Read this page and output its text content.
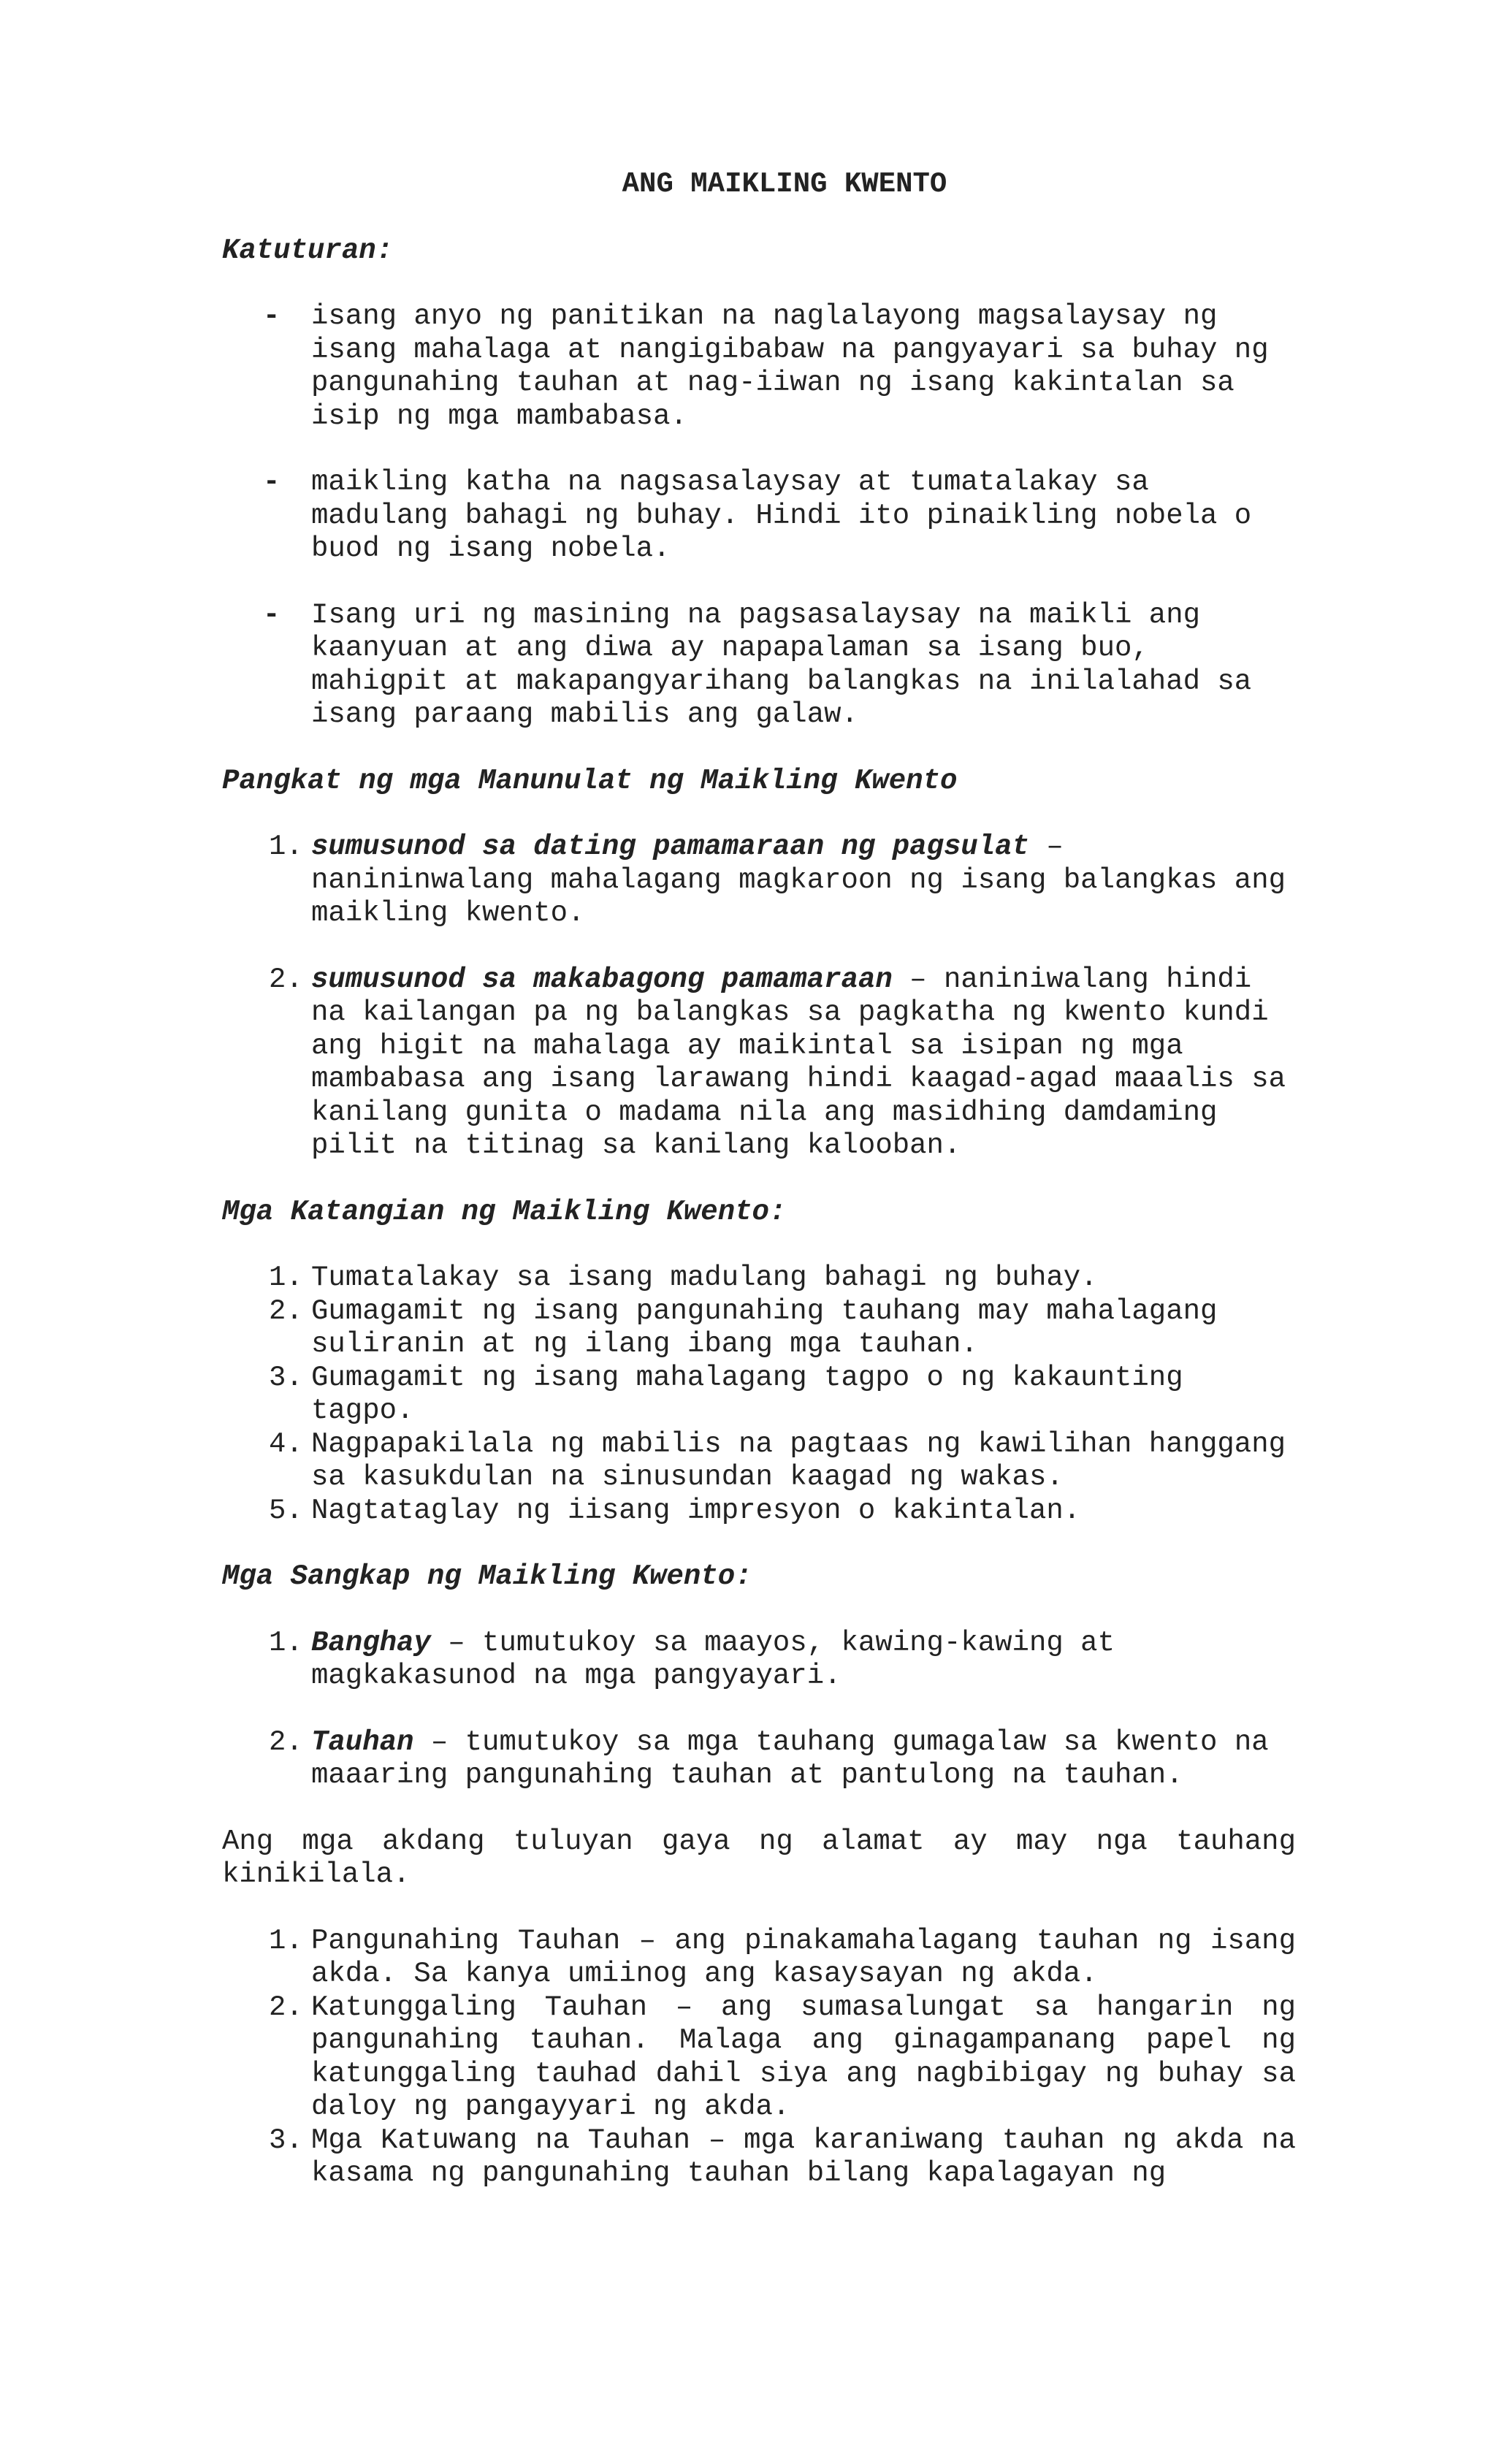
ANG MAIKLING KWENTO
Katuturan:
- isang anyo ng panitikan na naglalayong magsalaysay ng isang mahalaga at nangigibabaw na pangyayari sa buhay ng pangunahing tauhan at nag-iiwan ng isang kakintalan sa isip ng mga mambabasa.
- maikling katha na nagsasalaysay at tumatalakay sa madulang bahagi ng buhay. Hindi ito pinaikling nobela o buod ng isang nobela.
- Isang uri ng masining na pagsasalaysay na maikli ang kaanyuan at ang diwa ay napapalaman sa isang buo, mahigpit at makapangyarihang balangkas na inilalahad sa isang paraang mabilis ang galaw.
Pangkat ng mga Manunulat ng Maikling Kwento
1. sumusunod sa dating pamamaraan ng pagsulat – nanininwalang mahalagang magkaroon ng isang balangkas ang maikling kwento.
2. sumusunod sa makabagong pamamaraan – naniniwalang hindi na kailangan pa ng balangkas sa pagkatha ng kwento kundi ang higit na mahalaga ay maikintal sa isipan ng mga mambabasa ang isang larawang hindi kaagad-agad maaalis sa kanilang gunita o madama nila ang masidhing damdaming pilit na titinag sa kanilang kalooban.
Mga Katangian ng Maikling Kwento:
1. Tumatalakay sa isang madulang bahagi ng buhay.
2. Gumagamit ng isang pangunahing tauhang may mahalagang suliranin at ng ilang ibang mga tauhan.
3. Gumagamit ng isang mahalagang tagpo o ng kakaunting tagpo.
4. Nagpapakilala ng mabilis na pagtaas ng kawilihan hanggang sa kasukdulan na sinusundan kaagad ng wakas.
5. Nagtataglay ng iisang impresyon o kakintalan.
Mga Sangkap ng Maikling Kwento:
1. Banghay – tumutukoy sa maayos, kawing-kawing at magkakasunod na mga pangyayari.
2. Tauhan – tumutukoy sa mga tauhang gumagalaw sa kwento na maaaring pangunahing tauhan at pantulong na tauhan.

Ang mga akdang tuluyan gaya ng alamat ay may nga tauhang kinikilala.

1. Pangunahing Tauhan – ang pinakamahalagang tauhan ng isang akda. Sa kanya umiinog ang kasaysayan ng akda.
2. Katunggaling Tauhan – ang sumasalungat sa hangarin ng pangunahing tauhan. Malaga ang ginagampanang papel ng katunggaling tauhad dahil siya ang nagbibigay ng buhay sa daloy ng pangayyari ng akda.
3. Mga Katuwang na Tauhan – mga karaniwang tauhan ng akda na kasama ng pangunahing tauhan bilang kapalagayan ng
